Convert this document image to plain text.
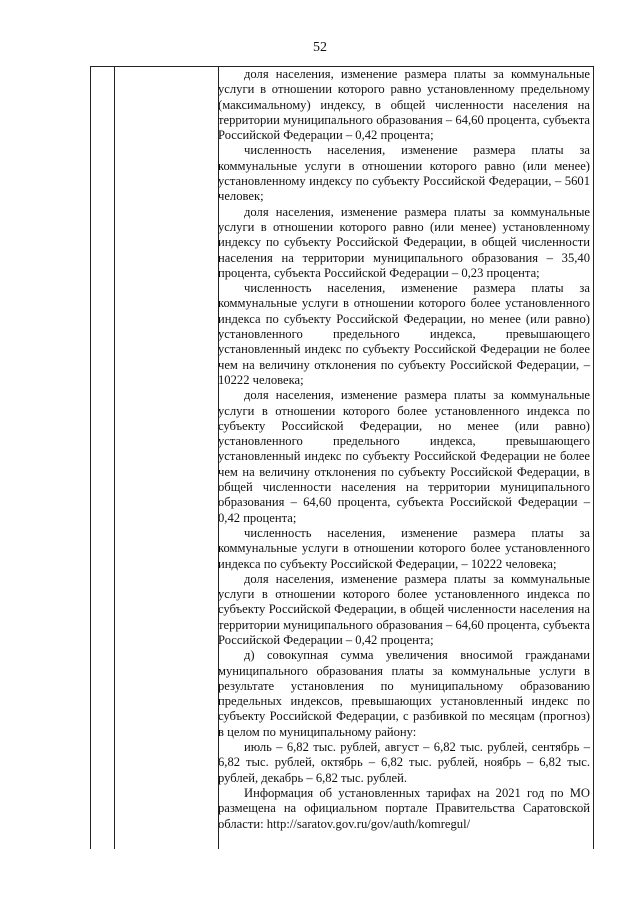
52

доля населения, изменение размера платы за коммунальные услуги в отношении которого равно установленному предельному (максимальному) индексу, в общей численности населения на территории муниципального образования – 64,60 процента, субъекта Российской Федерации – 0,42 процента;

численность населения, изменение размера платы за коммунальные услуги в отношении которого равно (или менее) установленному индексу по субъекту Российской Федерации, – 5601 человек;

доля населения, изменение размера платы за коммунальные услуги в отношении которого равно (или менее) установленному индексу по субъекту Российской Федерации, в общей численности населения на территории муниципального образования – 35,40 процента, субъекта Российской Федерации – 0,23 процента;

численность населения, изменение размера платы за коммунальные услуги в отношении которого более установленного индекса по субъекту Российской Федерации, но менее (или равно) установленного предельного индекса, превышающего установленный индекс по субъекту Российской Федерации не более чем на величину отклонения по субъекту Российской Федерации, – 10222 человека;

доля населения, изменение размера платы за коммунальные услуги в отношении которого более установленного индекса по субъекту Российской Федерации, но менее (или равно) установленного предельного индекса, превышающего установленный индекс по субъекту Российской Федерации не более чем на величину отклонения по субъекту Российской Федерации, в общей численности населения на территории муниципального образования – 64,60 процента, субъекта Российской Федерации – 0,42 процента;

численность населения, изменение размера платы за коммунальные услуги в отношении которого более установленного индекса по субъекту Российской Федерации, – 10222 человека;

доля населения, изменение размера платы за коммунальные услуги в отношении которого более установленного индекса по субъекту Российской Федерации, в общей численности населения на территории муниципального образования – 64,60 процента, субъекта Российской Федерации – 0,42 процента;

д) совокупная сумма увеличения вносимой гражданами муниципального образования платы за коммунальные услуги в результате установления по муниципальному образованию предельных индексов, превышающих установленный индекс по субъекту Российской Федерации, с разбивкой по месяцам (прогноз) в целом по муниципальному району:

июль – 6,82 тыс. рублей, август – 6,82 тыс. рублей, сентябрь – 6,82 тыс. рублей, октябрь – 6,82 тыс. рублей, ноябрь – 6,82 тыс. рублей, декабрь – 6,82 тыс. рублей.

Информация об установленных тарифах на 2021 год по МО размещена на официальном портале Правительства Саратовской области: http://saratov.gov.ru/gov/auth/komregul/
